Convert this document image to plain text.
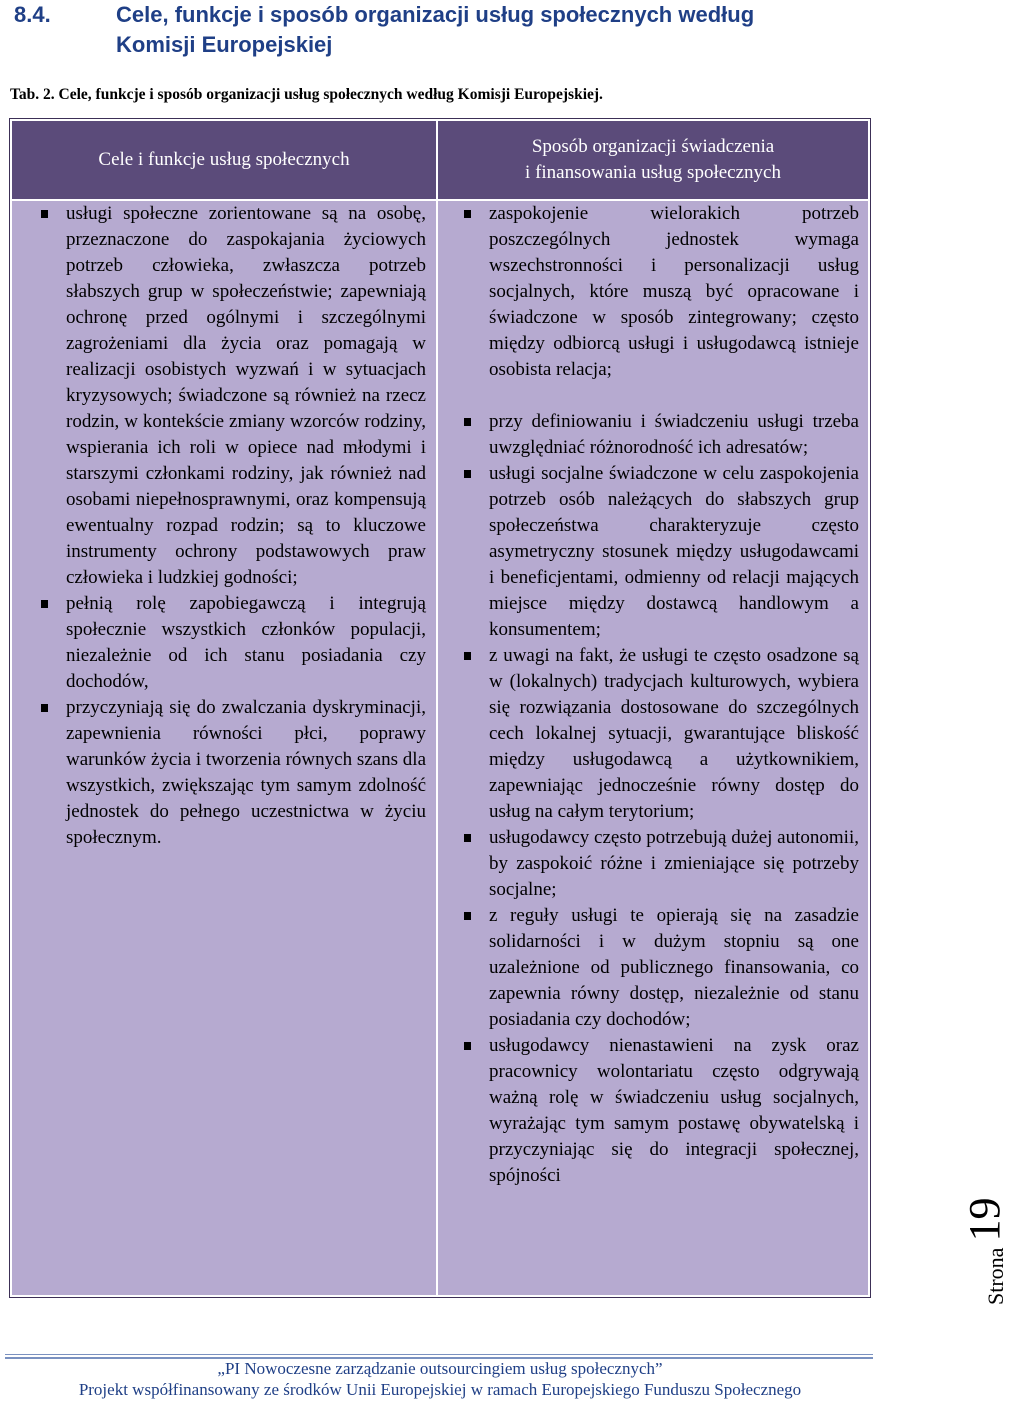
8.4.	Cele, funkcje i sposób organizacji usług społecznych według
Komisji Europejskiej
Tab. 2. Cele, funkcje i sposób organizacji usług społecznych według Komisji Europejskiej.
Cele i funkcje usług społecznych
Sposób organizacji świadczenia
i finansowania usług społecznych
usługi społeczne zorientowane są na osobę, przeznaczone do zaspokajania życiowych potrzeb człowieka, zwłaszcza potrzeb słabszych grup w społeczeństwie; zapewniają ochronę przed ogólnymi i szczególnymi zagrożeniami dla życia oraz pomagają w realizacji osobistych wyzwań i w sytuacjach kryzysowych; świadczone są również na rzecz rodzin, w kontekście zmiany wzorców rodziny, wspierania ich roli w opiece nad młodymi i starszymi członkami rodziny, jak również nad osobami niepełnosprawnymi, oraz kompensują ewentualny rozpad rodzin; są to kluczowe instrumenty ochrony podstawowych praw człowieka i ludzkiej godności;
pełnią rolę zapobiegawczą i integrują społecznie wszystkich członków populacji, niezależnie od ich stanu posiadania czy dochodów,
przyczyniają się do zwalczania dyskryminacji, zapewnienia równości płci, poprawy warunków życia i tworzenia równych szans dla wszystkich, zwiększając tym samym zdolność jednostek do pełnego uczestnictwa w życiu społecznym.
zaspokojenie wielorakich potrzeb poszczególnych jednostek wymaga wszechstronności i personalizacji usług socjalnych, które muszą być opracowane i świadczone w sposób zintegrowany; często między odbiorcą usługi i usługodawcą istnieje osobista relacja;
przy definiowaniu i świadczeniu usługi trzeba uwzględniać różnorodność ich adresatów;
usługi socjalne świadczone w celu zaspokojenia potrzeb osób należących do słabszych grup społeczeństwa charakteryzuje często asymetryczny stosunek między usługodawcami i beneficjentami, odmienny od relacji mających miejsce między dostawcą handlowym a konsumentem;
z uwagi na fakt, że usługi te często osadzone są w (lokalnych) tradycjach kulturowych, wybiera się rozwiązania dostosowane do szczególnych cech lokalnej sytuacji, gwarantujące bliskość między usługodawcą a użytkownikiem, zapewniając jednocześnie równy dostęp do usług na całym terytorium;
usługodawcy często potrzebują dużej autonomii, by zaspokoić różne i zmieniające się potrzeby socjalne;
z reguły usługi te opierają się na zasadzie solidarności i w dużym stopniu są one uzależnione od publicznego finansowania, co zapewnia równy dostęp, niezależnie od stanu posiadania czy dochodów;
usługodawcy nienastawieni na zysk oraz pracownicy wolontariatu często odgrywają ważną rolę w świadczeniu usług socjalnych, wyrażając tym samym postawę obywatelską i przyczyniając się do integracji społecznej, spójności
Strona
19
„PI Nowoczesne zarządzanie outsourcingiem usług społecznych”
Projekt współfinansowany ze środków Unii Europejskiej w ramach Europejskiego Funduszu Społecznego
